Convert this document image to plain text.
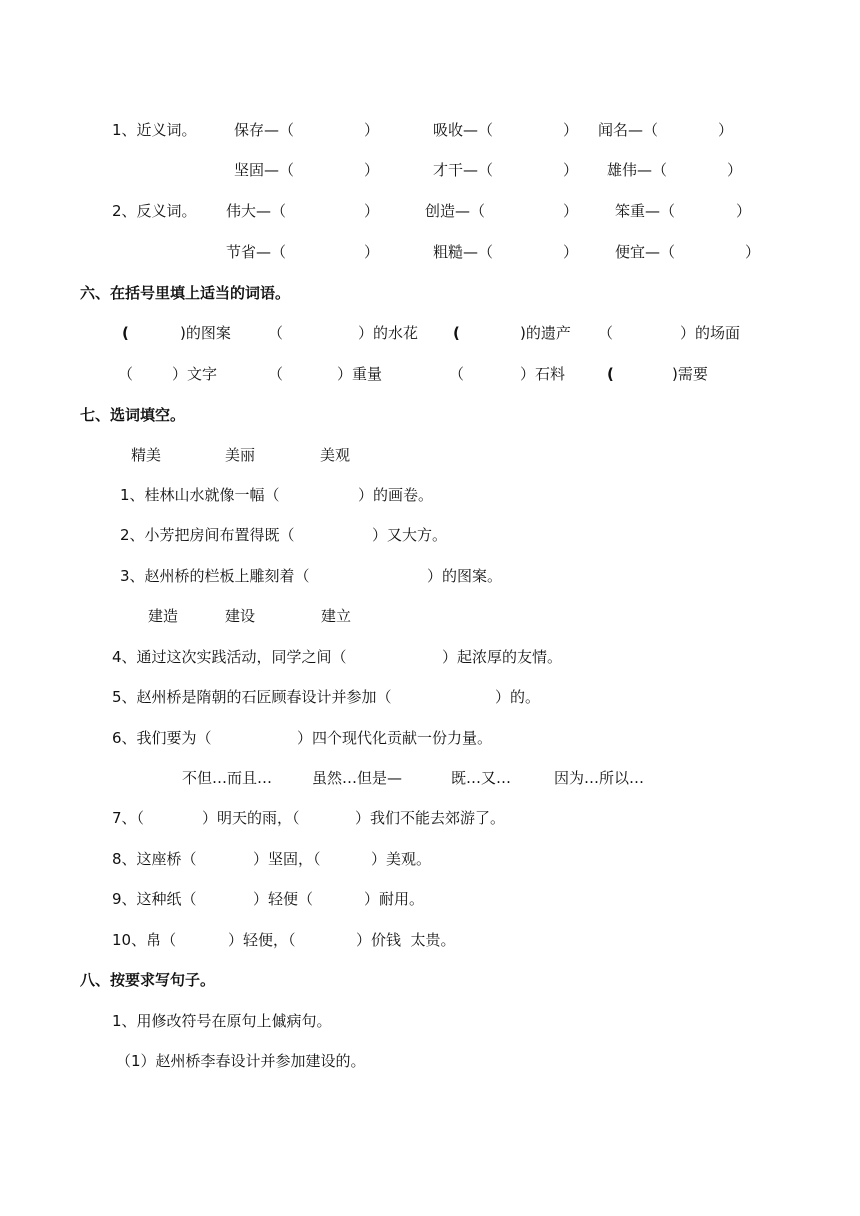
1、近义词。 保存—（	）	吸收—（	） 闻名—（	）
坚固—（	）	才干—（	） 雄伟—（	）
2、反义词。 伟大—（	）	创造—（	） 笨重—（	）
节省—（	）	粗糙—（	） 便宜—（	）
六、在括号里填上适当的词语。
(	)的图案 （	）的水花 (	)的遗产 （	）的场面
（	）文字	（	）重量	（	）石料	(	)需要
七、选词填空。
精美	美丽	美观
1、桂林山水就像一幅（	）的画卷。
2、小芳把房间布置得既（	）又大方。
3、赵州桥的栏板上雕刻着（	）的图案。
建造	建设	建立
4、通过这次实践活动，同学之间（	）起浓厚的友情。
5、赵州桥是隋朝的石匠顾春设计并参加（	）的。
6、我们要为（	）四个现代化贡献一份力量。
不但…而且…	虽然…但是—	既…又…	因为…所以…
7、（	）明天的雨，（	）我们不能去郊游了。
8、这座桥（	）坚固，（	）美观。
9、这种纸（	）轻便（	）耐用。
10、帛（	）轻便，（	）价钱  太贵。
八、按要求写句子。
1、用修改符号在原句上傶病句。
（1）赵州桥李春设计并参加建设的。
